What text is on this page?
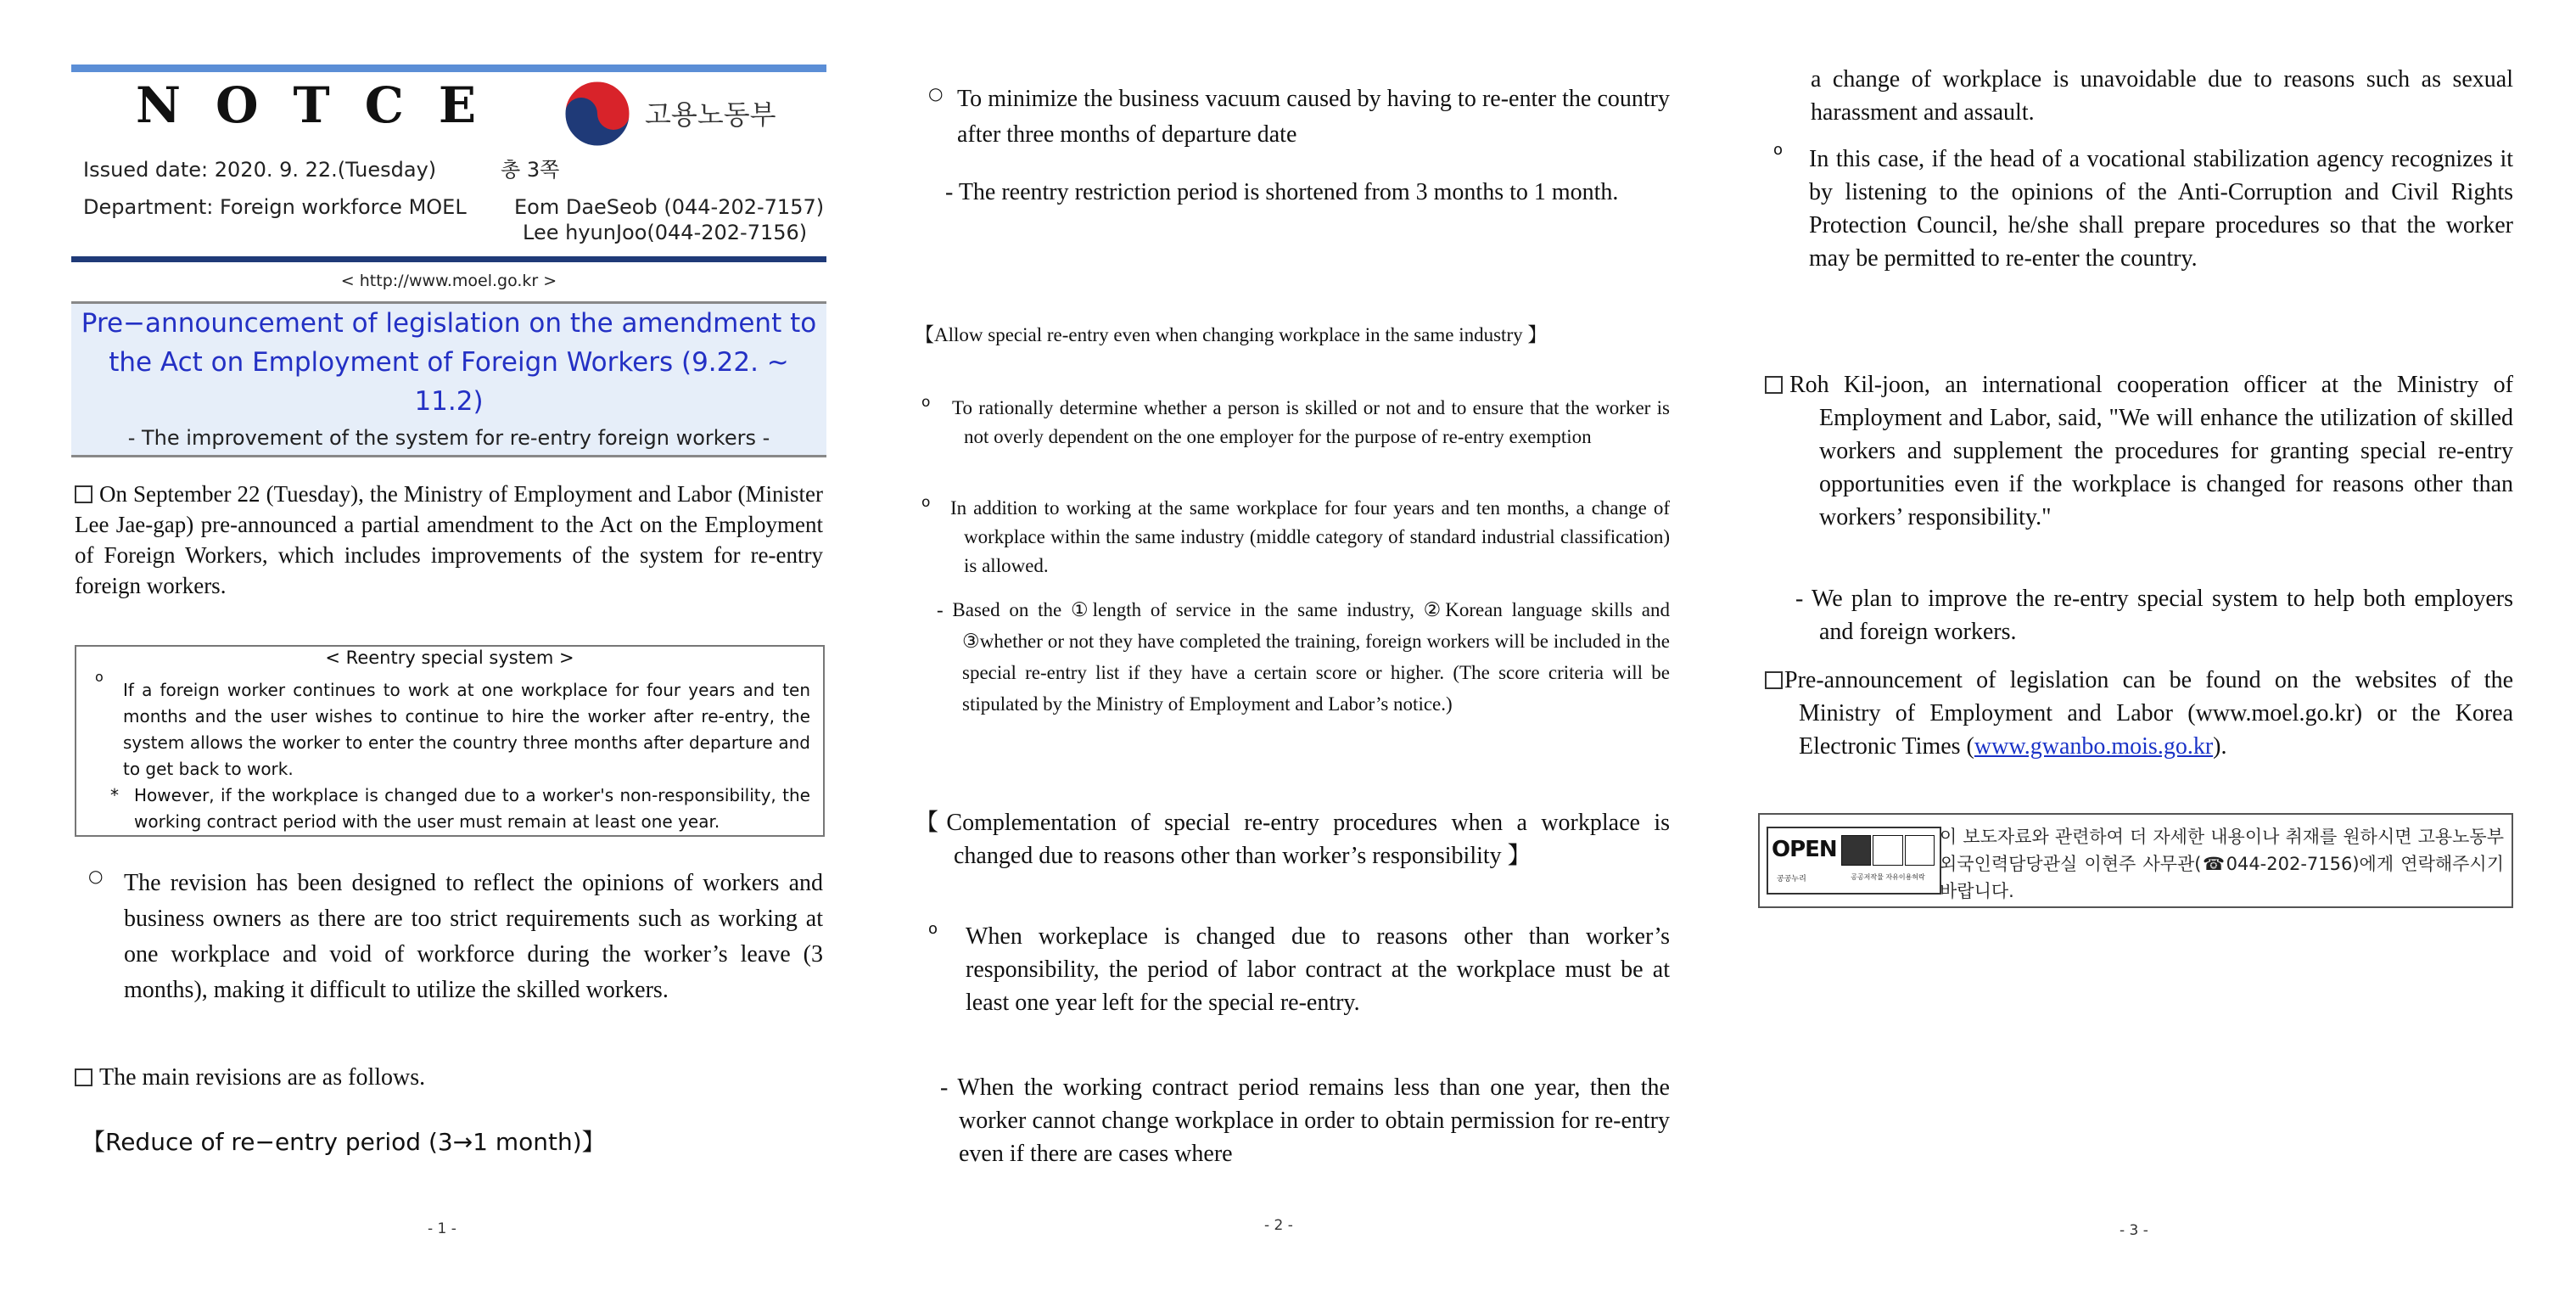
NOTCE	고용노동부
Issued date: 2020. 9. 22.(Tuesday)	총 3쪽
Department: Foreign workforce MOEL Eom DaeSeob (044-202-7157)
Lee hyunJoo(044-202-7156)
< http://www.moel.go.kr >
Pre−announcement of legislation on the amendment to the Act on Employment of Foreign Workers (9.22. ~ 11.2)
- The improvement of the system for re-entry foreign workers -
On September 22 (Tuesday), the Ministry of Employment and Labor (Minister Lee Jae-gap) pre-announced a partial amendment to the Act on the Employment of Foreign Workers, which includes improvements of the system for re-entry foreign workers.
< Reentry special system >
o
If a foreign worker continues to work at one workplace for four years and ten months and the user wishes to continue to hire the worker after re-entry, the system allows the worker to enter the country three months after departure and to get back to work.
* However, if the workplace is changed due to a worker's non-responsibility, the working contract period with the user must remain at least one year.
○ The revision has been designed to reflect the opinions of workers and business owners as there are too strict requirements such as working at one workplace and void of workforce during the worker’s leave (3 months), making it difficult to utilize the skilled workers.
The main revisions are as follows.
【Reduce of re−entry period (3→1 month)】
- 1 -
○ To minimize the business vacuum caused by having to re-enter the country after three months of departure date
- The reentry restriction period is shortened from 3 months to 1 month.
【Allow special re-entry even when changing workplace in the same industry 】
o To rationally determine whether a person is skilled or not and to ensure that the worker is not overly dependent on the one employer for the purpose of re-entry exemption
o In addition to working at the same workplace for four years and ten months, a change of workplace within the same industry (middle category of standard industrial classification) is allowed.
- Based on the ①length of service in the same industry, ②Korean language skills and ③whether or not they have completed the training, foreign workers will be included in the special re-entry list if they have a certain score or higher. (The score criteria will be stipulated by the Ministry of Employment and Labor’s notice.)
【Complementation of special re-entry procedures when a workplace is changed due to reasons other than worker’s responsibility 】
o When workeplace is changed due to reasons other than worker’s responsibility, the period of labor contract at the workplace must be at least one year left for the special re-entry.
- When the working contract period remains less than one year, then the worker cannot change workplace in order to obtain permission for re-entry even if there are cases where
- 2 -
a change of workplace is unavoidable due to reasons such as sexual harassment and assault.
o In this case, if the head of a vocational stabilization agency recognizes it by listening to the opinions of the Anti-Corruption and Civil Rights Protection Council, he/she shall prepare procedures so that the worker may be permitted to re-enter the country.
Roh Kil-joon, an international cooperation officer at the Ministry of Employment and Labor, said, "We will enhance the utilization of skilled workers and supplement the procedures for granting special re-entry opportunities even if the workplace is changed for reasons other than workers’ responsibility."
- We plan to improve the re-entry special system to help both employers and foreign workers.
Pre-announcement of legislation can be found on the websites of the Ministry of Employment and Labor (www.moel.go.kr) or the Korea Electronic Times (www.gwanbo.mois.go.kr).
OPEN
공공누리	공공저작물 자유이용허락
이 보도자료와 관련하여 더 자세한 내용이나 취재를 원하시면 고용노동부 외국인력담당관실 이현주 사무관(☎044-202-7156)에게 연락해주시기 바랍니다.
- 3 -
